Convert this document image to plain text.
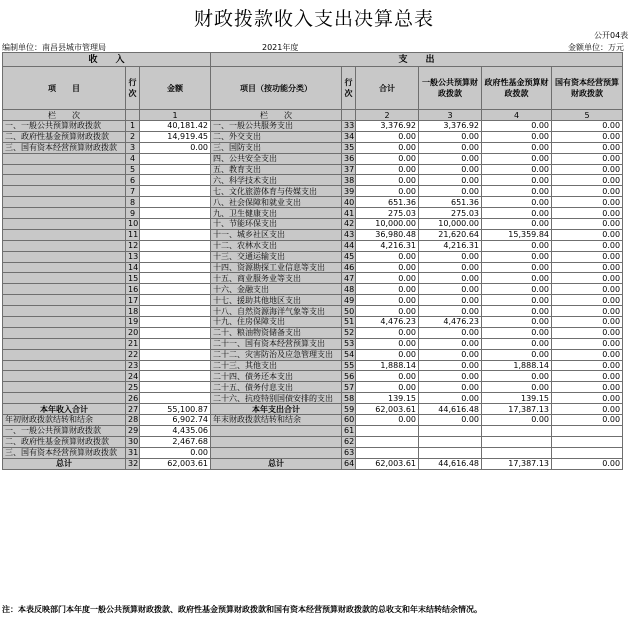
财政拨款收入支出决算总表
公开04表
编制单位：南昌县城市管理局	2021年度	金额单位：万元
收　　入			支　　出					
项　　目	行次	金额	项目（按功能分类）	行次	合计	一般公共预算财政拨款	政府性基金预算财政拨款	国有资本经营预算财政拨款
栏　　次		1	栏　　次		2	3	4	5
一、一般公共预算财政拨款	1	40,181.42	一、一般公共服务支出	33	3,376.92	3,376.92	0.00	0.00
二、政府性基金预算财政拨款	2	14,919.45	二、外交支出	34	0.00	0.00	0.00	0.00
三、国有资本经营预算财政拨款	3	0.00	三、国防支出	35	0.00	0.00	0.00	0.00
	4		四、公共安全支出	36	0.00	0.00	0.00	0.00
	5		五、教育支出	37	0.00	0.00	0.00	0.00
	6		六、科学技术支出	38	0.00	0.00	0.00	0.00
	7		七、文化旅游体育与传媒支出	39	0.00	0.00	0.00	0.00
	8		八、社会保障和就业支出	40	651.36	651.36	0.00	0.00
	9		九、卫生健康支出	41	275.03	275.03	0.00	0.00
	10		十、节能环保支出	42	10,000.00	10,000.00	0.00	0.00
	11		十一、城乡社区支出	43	36,980.48	21,620.64	15,359.84	0.00
	12		十二、农林水支出	44	4,216.31	4,216.31	0.00	0.00
	13		十三、交通运输支出	45	0.00	0.00	0.00	0.00
	14		十四、资源勘探工业信息等支出	46	0.00	0.00	0.00	0.00
	15		十五、商业服务业等支出	47	0.00	0.00	0.00	0.00
	16		十六、金融支出	48	0.00	0.00	0.00	0.00
	17		十七、援助其他地区支出	49	0.00	0.00	0.00	0.00
	18		十八、自然资源海洋气象等支出	50	0.00	0.00	0.00	0.00
	19		十九、住房保障支出	51	4,476.23	4,476.23	0.00	0.00
	20		二十、粮油物资储备支出	52	0.00	0.00	0.00	0.00
	21		二十一、国有资本经营预算支出	53	0.00	0.00	0.00	0.00
	22		二十二、灾害防治及应急管理支出	54	0.00	0.00	0.00	0.00
	23		二十三、其他支出	55	1,888.14	0.00	1,888.14	0.00
	24		二十四、债务还本支出	56	0.00	0.00	0.00	0.00
	25		二十五、债务付息支出	57	0.00	0.00	0.00	0.00
	26		二十六、抗疫特别国债安排的支出	58	139.15	0.00	139.15	0.00
本年收入合计	27	55,100.87	本年支出合计	59	62,003.61	44,616.48	17,387.13	0.00
年初财政拨款结转和结余	28	6,902.74	年末财政拨款结转和结余	60	0.00	0.00	0.00	0.00
一、一般公共预算财政拨款	29	4,435.06		61				
二、政府性基金预算财政拨款	30	2,467.68		62				
三、国有资本经营预算财政拨款	31	0.00		63				
总计	32	62,003.61	总计	64	62,003.61	44,616.48	17,387.13	0.00
注：本表反映部门本年度一般公共预算财政拨款、政府性基金预算财政拨款和国有资本经营预算财政拨款的总收支和年末结转结余情况。
